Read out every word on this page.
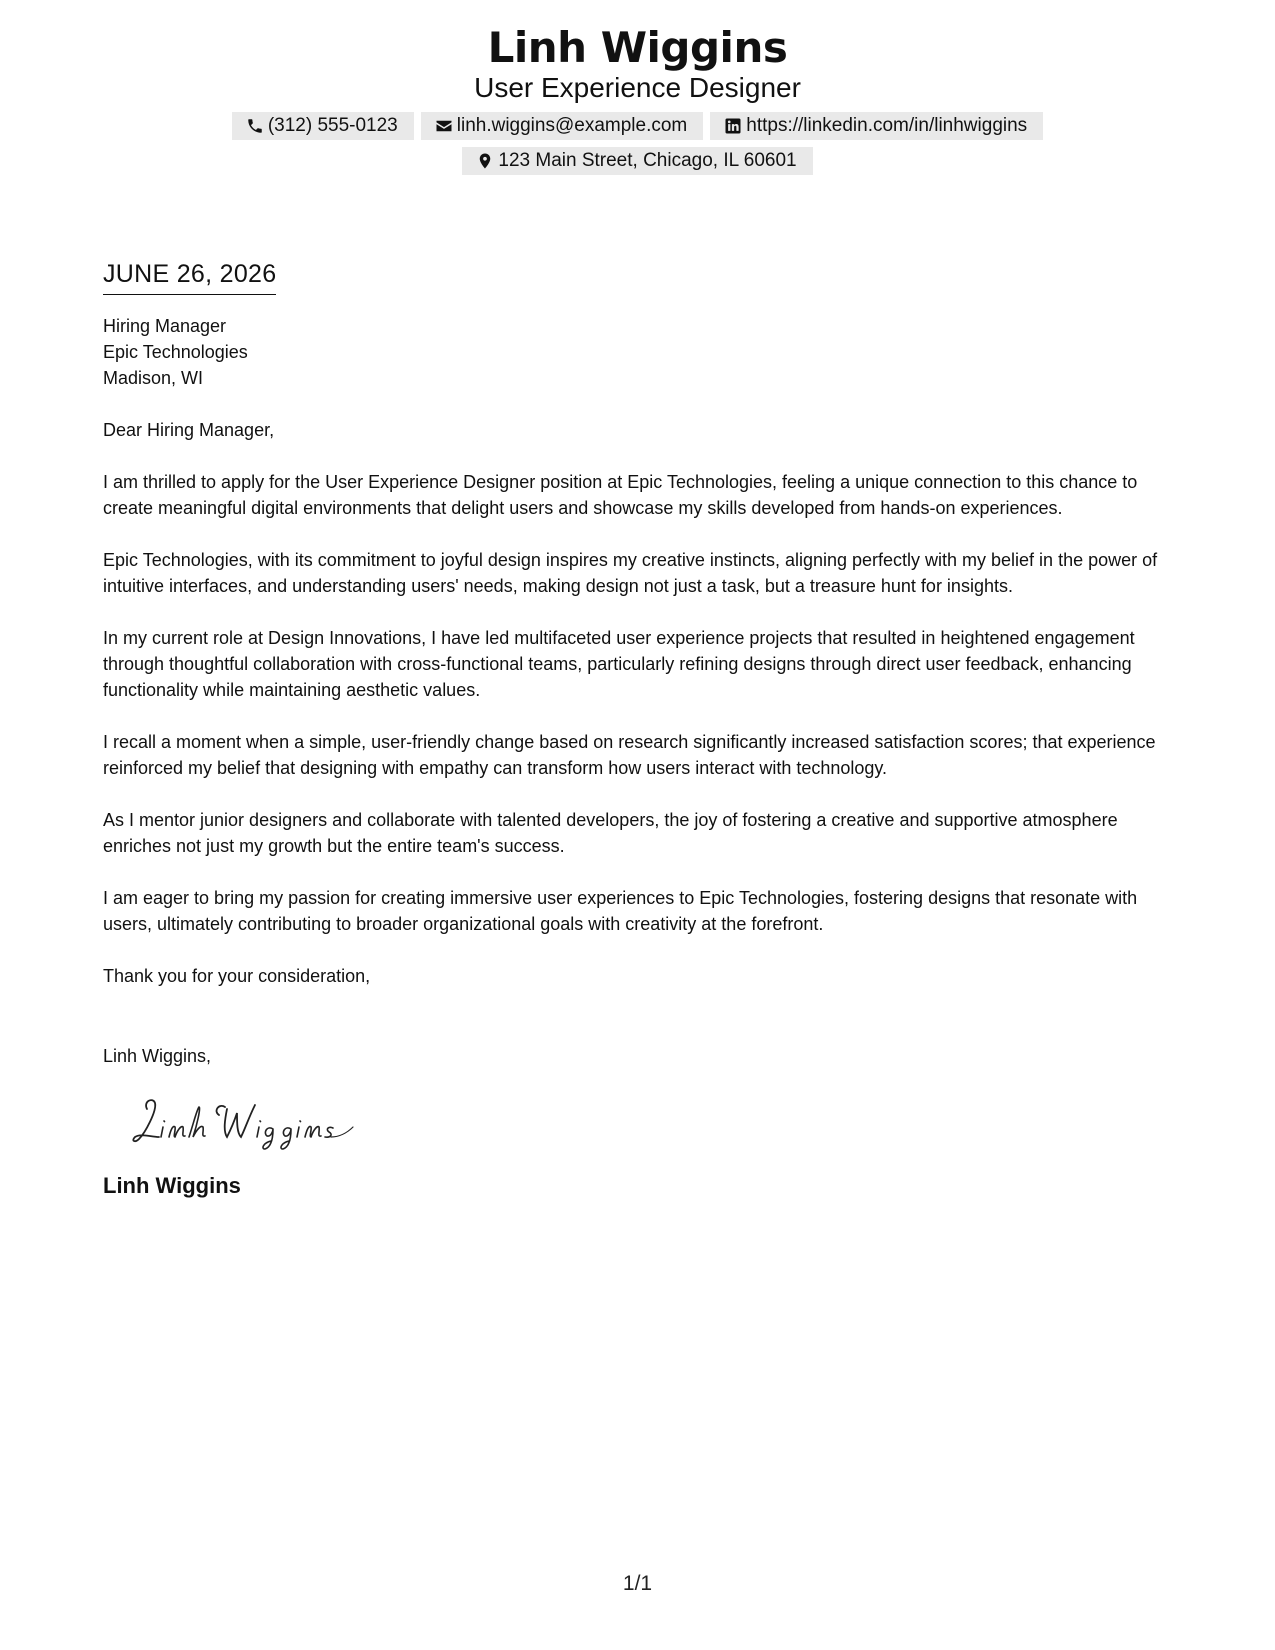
Linh Wiggins
User Experience Designer
(312) 555-0123	linh.wiggins@example.com	https://linkedin.com/in/linhwiggins
123 Main Street, Chicago, IL 60601
JUNE 26, 2026
Hiring Manager
Epic Technologies
Madison, WI
Dear Hiring Manager,
I am thrilled to apply for the User Experience Designer position at Epic Technologies, feeling a unique connection to this chance to create meaningful digital environments that delight users and showcase my skills developed from hands-on experiences.
Epic Technologies, with its commitment to joyful design inspires my creative instincts, aligning perfectly with my belief in the power of intuitive interfaces, and understanding users' needs, making design not just a task, but a treasure hunt for insights.
In my current role at Design Innovations, I have led multifaceted user experience projects that resulted in heightened engagement through thoughtful collaboration with cross-functional teams, particularly refining designs through direct user feedback, enhancing functionality while maintaining aesthetic values.
I recall a moment when a simple, user-friendly change based on research significantly increased satisfaction scores; that experience reinforced my belief that designing with empathy can transform how users interact with technology.
As I mentor junior designers and collaborate with talented developers, the joy of fostering a creative and supportive atmosphere enriches not just my growth but the entire team's success.
I am eager to bring my passion for creating immersive user experiences to Epic Technologies, fostering designs that resonate with users, ultimately contributing to broader organizational goals with creativity at the forefront.
Thank you for your consideration,
Linh Wiggins,
Linh Wiggins
1/1
